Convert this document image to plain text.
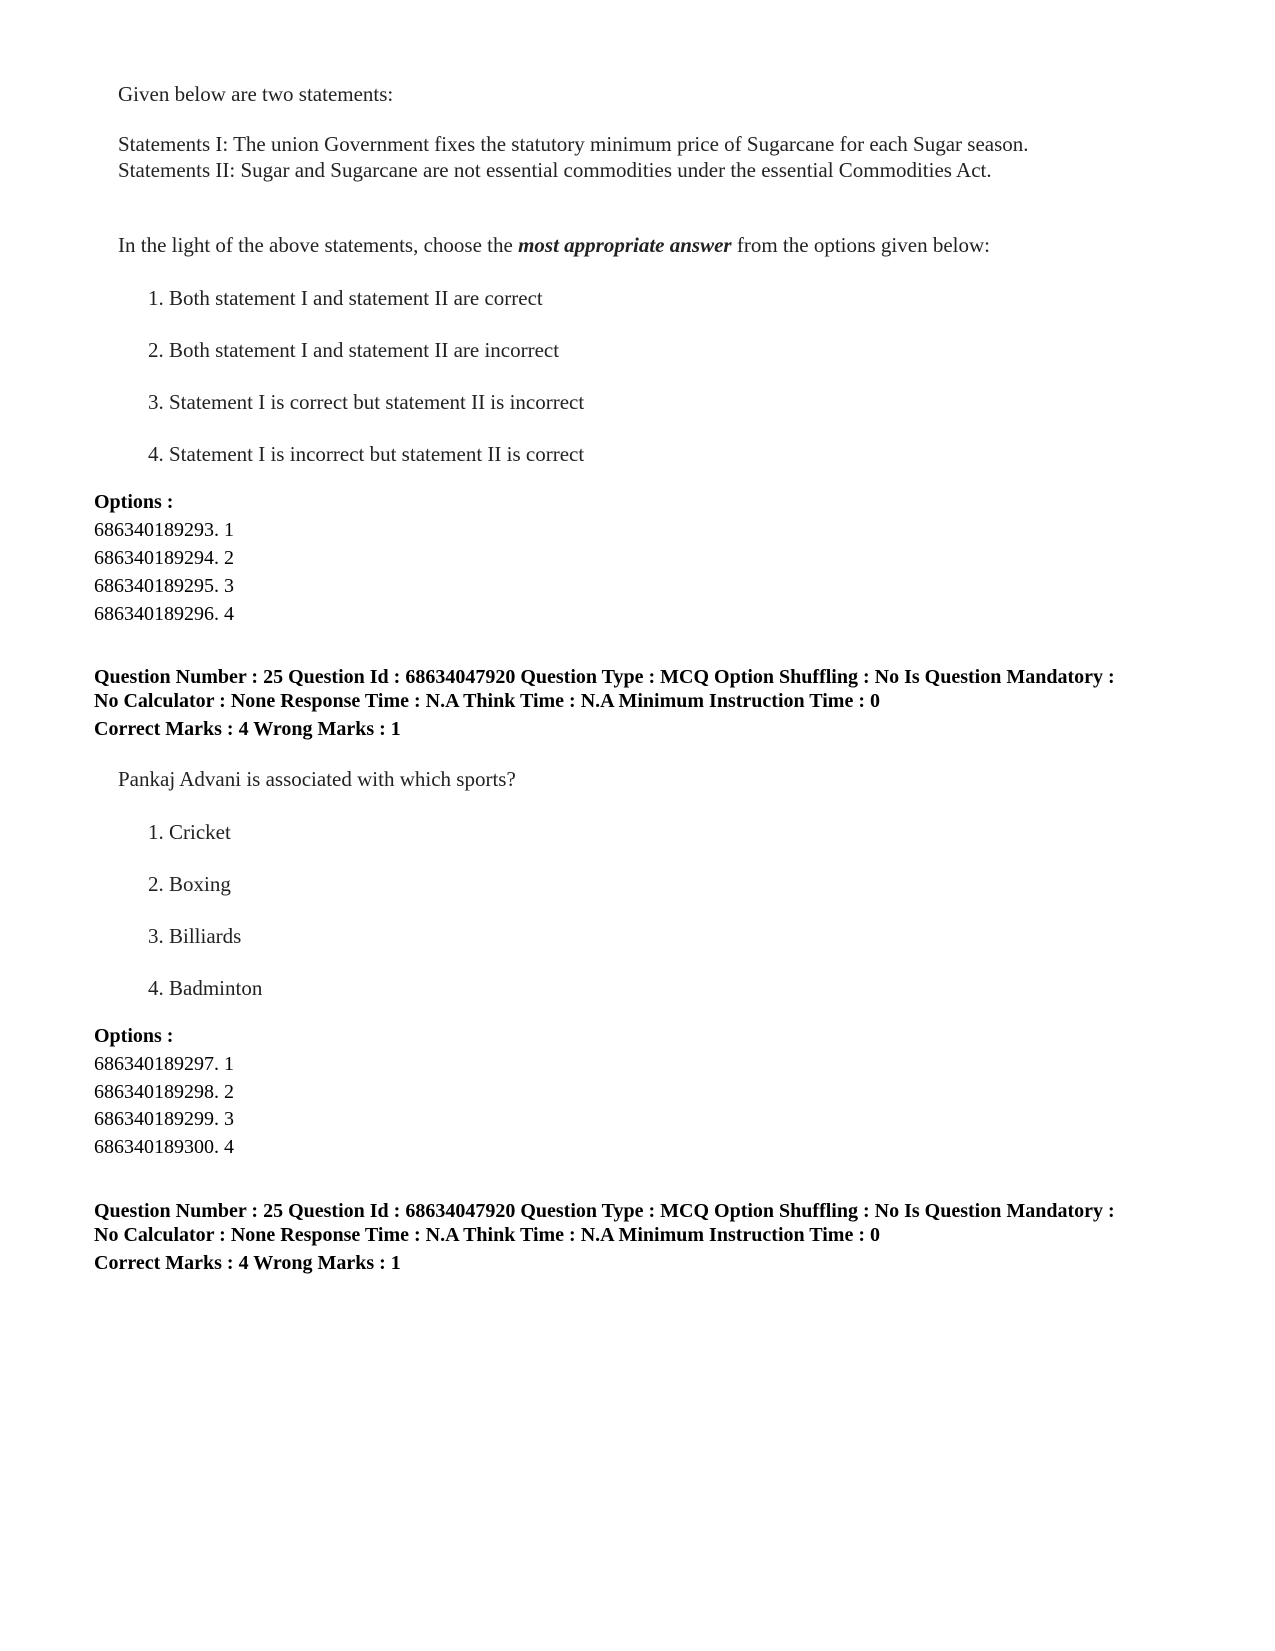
Given below are two statements:
Statements I: The union Government fixes the statutory minimum price of Sugarcane for each Sugar season.
Statements II: Sugar and Sugarcane are not essential commodities under the essential Commodities Act.
In the light of the above statements, choose the most appropriate answer from the options given below:
1. Both statement I and statement II are correct
2. Both statement I and statement II are incorrect
3. Statement I is correct but statement II is incorrect
4. Statement I is incorrect but statement II is correct
Options :
686340189293. 1
686340189294. 2
686340189295. 3
686340189296. 4
Question Number : 25 Question Id : 68634047920 Question Type : MCQ Option Shuffling : No Is Question Mandatory :
No Calculator : None Response Time : N.A Think Time : N.A Minimum Instruction Time : 0
Correct Marks : 4 Wrong Marks : 1
Pankaj Advani is associated with which sports?
1. Cricket
2. Boxing
3. Billiards
4. Badminton
Options :
686340189297. 1
686340189298. 2
686340189299. 3
686340189300. 4
Question Number : 25 Question Id : 68634047920 Question Type : MCQ Option Shuffling : No Is Question Mandatory :
No Calculator : None Response Time : N.A Think Time : N.A Minimum Instruction Time : 0
Correct Marks : 4 Wrong Marks : 1
